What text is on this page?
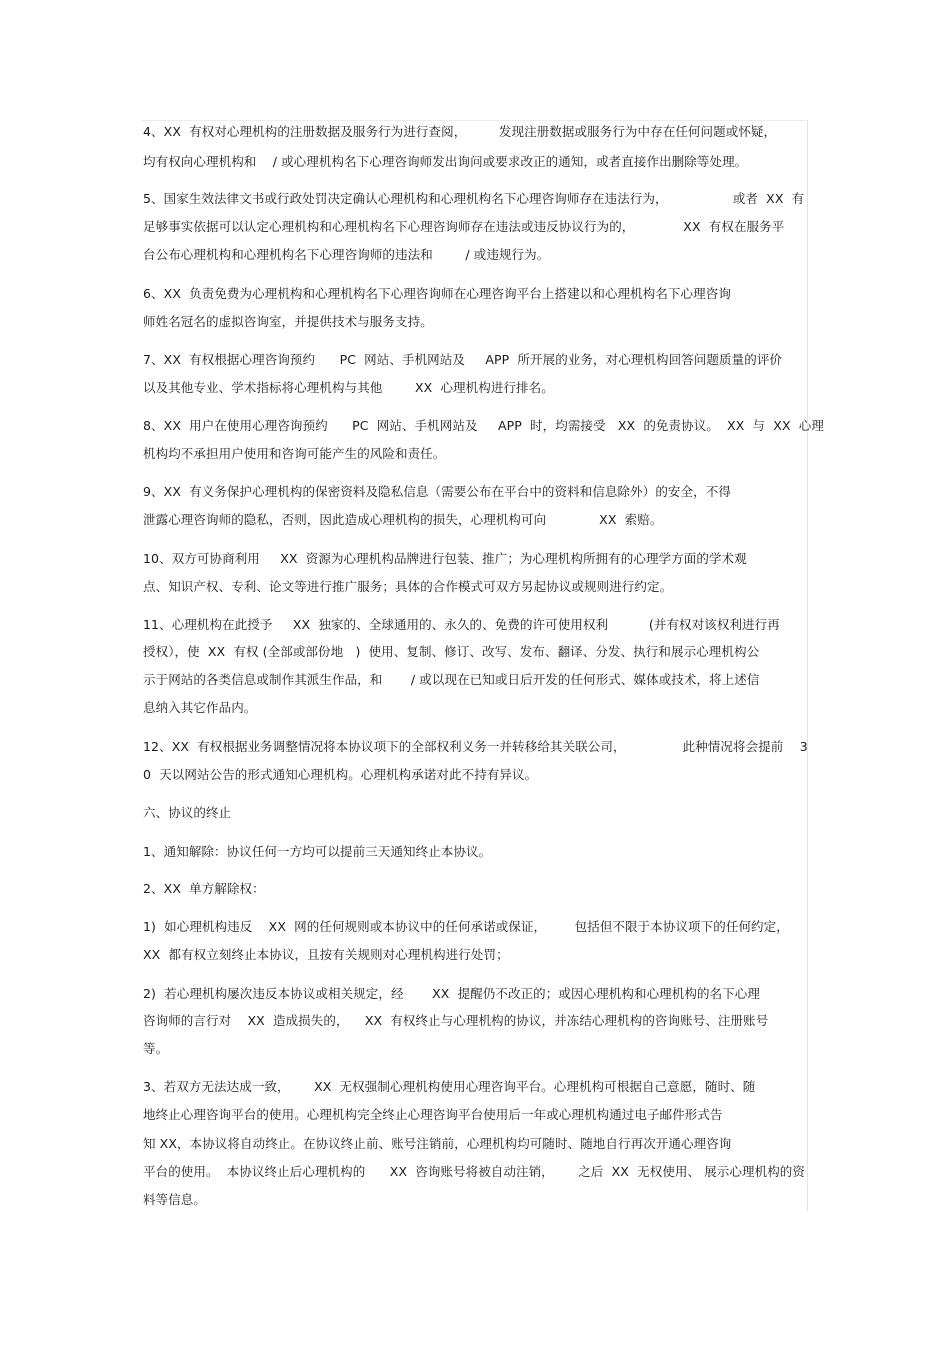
4、XX  有权对心理机构的注册数据及服务行为进行查阅，        发现注册数据或服务行为中存在任何问题或怀疑，
均有权向心理机构和    / 或心理机构名下心理咨询师发出询问或要求改正的通知，或者直接作出删除等处理。
5、国家生效法律文书或行政处罚决定确认心理机构和心理机构名下心理咨询师存在违法行为，                或者  XX  有
足够事实依据可以认定心理机构和心理机构名下心理咨询师存在违法或违反协议行为的，            XX  有权在服务平
台公布心理机构和心理机构名下心理咨询师的违法和        / 或违规行为。
6、XX  负责免费为心理机构和心理机构名下心理咨询师在心理咨询平台上搭建以和心理机构名下心理咨询
师姓名冠名的虚拟咨询室，并提供技术与服务支持。
7、XX  有权根据心理咨询预约      PC  网站、手机网站及     APP  所开展的业务，对心理机构回答问题质量的评价
以及其他专业、学术指标将心理机构与其他        XX  心理机构进行排名。
8、XX  用户在使用心理咨询预约      PC  网站、手机网站及     APP  时，均需接受   XX  的免责协议。  XX  与  XX  心理
机构均不承担用户使用和咨询可能产生的风险和责任。
9、XX  有义务保护心理机构的保密资料及隐私信息（需要公布在平台中的资料和信息除外）的安全，不得
泄露心理咨询师的隐私，否则，因此造成心理机构的损失，心理机构可向             XX  索赔。
10、双方可协商利用     XX  资源为心理机构品牌进行包装、推广；为心理机构所拥有的心理学方面的学术观
点、知识产权、专利、论文等进行推广服务；具体的合作模式可双方另起协议或规则进行约定。
11、心理机构在此授予     XX  独家的、全球通用的、永久的、免费的许可使用权利          (并有权对该权利进行再
授权），使  XX  有权 (全部或部份地   )  使用、复制、修订、改写、发布、翻译、分发、执行和展示心理机构公
示于网站的各类信息或制作其派生作品，和       / 或以现在已知或日后开发的任何形式、媒体或技术，将上述信
息纳入其它作品内。
12、XX  有权根据业务调整情况将本协议项下的全部权利义务一并转移给其关联公司，              此种情况将会提前    3
0  天以网站公告的形式通知心理机构。心理机构承诺对此不持有异议。
六、协议的终止
1、通知解除：协议任何一方均可以提前三天通知终止本协议。
2、XX  单方解除权：
1)  如心理机构违反    XX  网的任何规则或本协议中的任何承诺或保证，       包括但不限于本协议项下的任何约定，
XX  都有权立刻终止本协议，且按有关规则对心理机构进行处罚；
2)  若心理机构屡次违反本协议或相关规定，经       XX  提醒仍不改正的；或因心理机构和心理机构的名下心理
咨询师的言行对    XX  造成损失的，    XX  有权终止与心理机构的协议，并冻结心理机构的咨询账号、注册账号
等。
3、若双方无法达成一致，      XX  无权强制心理机构使用心理咨询平台。心理机构可根据自己意愿，随时、随
地终止心理咨询平台的使用。心理机构完全终止心理咨询平台使用后一年或心理机构通过电子邮件形式告
知 XX，本协议将自动终止。在协议终止前、账号注销前，心理机构均可随时、随地自行再次开通心理咨询
平台的使用。  本协议终止后心理机构的      XX  咨询账号将被自动注销，      之后  XX  无权使用、 展示心理机构的资
料等信息。
